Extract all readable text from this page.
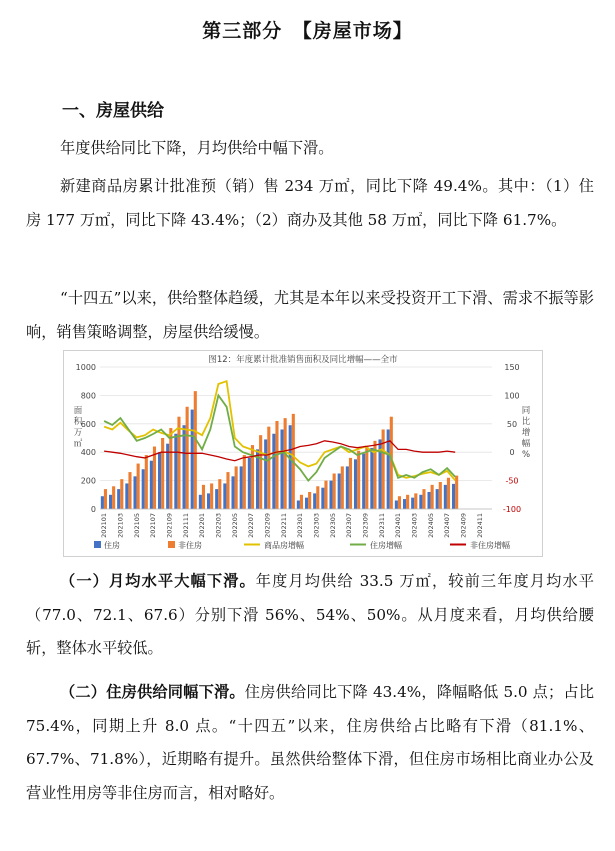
第三部分　【房屋市场】
一、房屋供给
年度供给同比下降，月均供给中幅下滑。
新建商品房累计批准预（销）售 234 万㎡，同比下降 49.4%。其中：（1）住房 177 万㎡，同比下降 43.4%；（2）商办及其他 58 万㎡，同比下降 61.7%。
“十四五”以来，供给整体趋缓，尤其是本年以来受投资开工下滑、需求不振等影响，销售策略调整，房屋供给缓慢。
图12：年度累计批准销售面积及同比增幅——全市
0
200
400
600
800
1000
-100
-50
0
50
100
150
面
积
万
㎡
同
比
增
幅
%
202101 202103 202105 202107 202109 202111 202201 202203 202205 202207 202209 202211 202301 202303 202305 202307 202309 202311 202401 202403 202405 202407 202409 202411
住房	非住房	商品房增幅	住房增幅	非住房增幅
（一）月均水平大幅下滑。年度月均供给 33.5 万㎡，较前三年度月均水平（77.0、72.1、67.6）分别下滑 56%、54%、50%。从月度来看，月均供给腰斩，整体水平较低。
（二）住房供给同幅下滑。住房供给同比下降 43.4%，降幅略低 5.0 点；占比 75.4%，同期上升 8.0 点。“十四五”以来，住房供给占比略有下滑（81.1%、67.7%、71.8%），近期略有提升。虽然供给整体下滑，但住房市场相比商业办公及营业性用房等非住房而言，相对略好。
